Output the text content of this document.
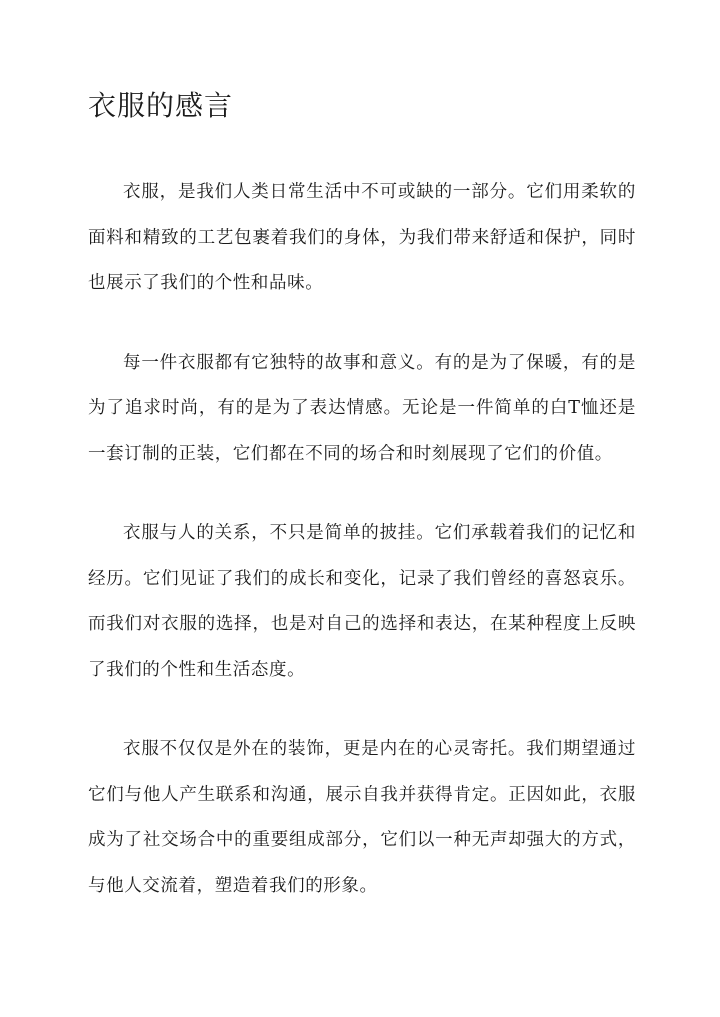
衣服的感言

衣服，是我们人类日常生活中不可或缺的一部分。它们用柔软的面料和精致的工艺包裹着我们的身体，为我们带来舒适和保护，同时也展示了我们的个性和品味。

每一件衣服都有它独特的故事和意义。有的是为了保暖，有的是为了追求时尚，有的是为了表达情感。无论是一件简单的白T恤还是一套订制的正装，它们都在不同的场合和时刻展现了它们的价值。

衣服与人的关系，不只是简单的披挂。它们承载着我们的记忆和经历。它们见证了我们的成长和变化，记录了我们曾经的喜怒哀乐。而我们对衣服的选择，也是对自己的选择和表达，在某种程度上反映了我们的个性和生活态度。

衣服不仅仅是外在的装饰，更是内在的心灵寄托。我们期望通过它们与他人产生联系和沟通，展示自我并获得肯定。正因如此，衣服成为了社交场合中的重要组成部分，它们以一种无声却强大的方式，与他人交流着，塑造着我们的形象。
